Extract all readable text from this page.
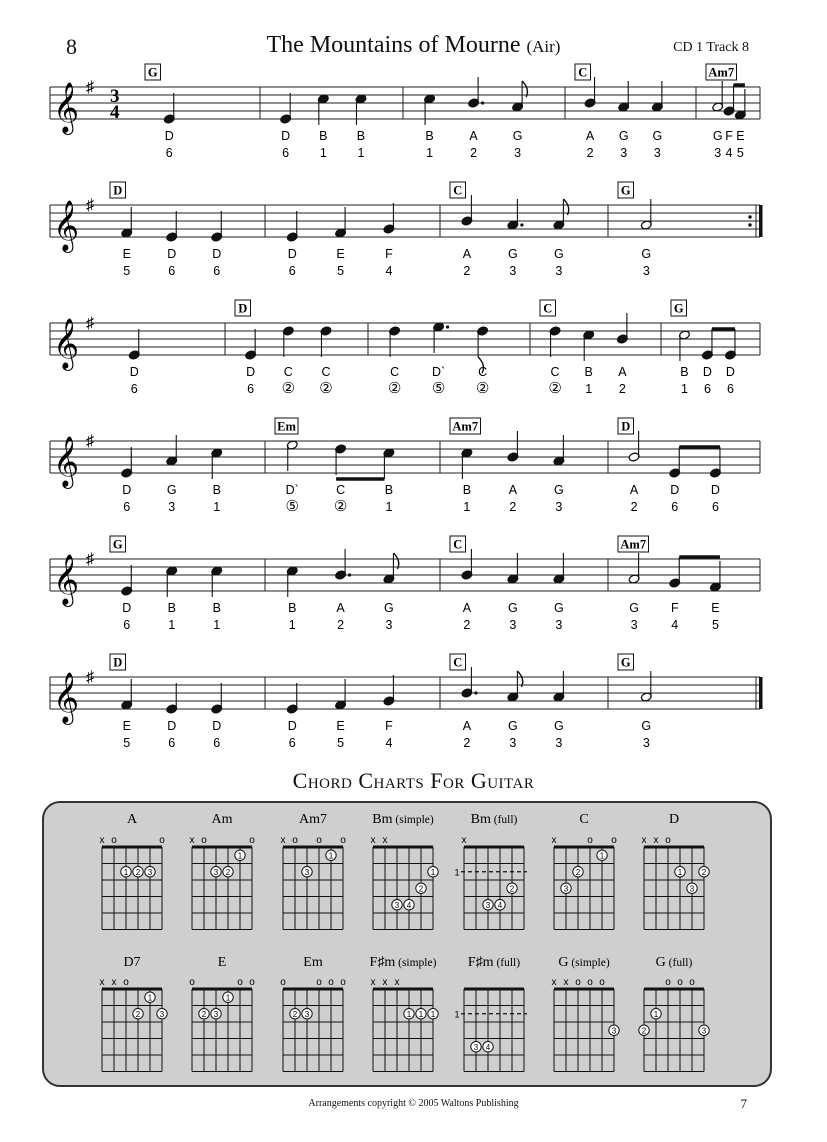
8	The Mountains of Mourne (Air)	CD 1 Track 8
𝄞 ♯ 3
4
G
D
6
D
6
B
1
B
1
B
1
A
2
G
3
C
A
2
G
3
G
3
Am7
G
3
F
4
E
5
𝄞 ♯
D
E
5
D
6
D
6
D
6
E
5
F
4
C
A
2
G
3
G
3
G
G
3
𝄞 ♯
D
6
D
D
6
C
②
C
②
C
②
D`
⑤
C
②
C
C
②
B
1
A
2
G
B
1
D
6
D
6
𝄞 ♯
D
6
G
3
B
1
Em
D`
⑤
C
②
B
1
Am7
B
1
A
2
G
3
D
A
2
D
6
D
6
𝄞 ♯
G
D
6
B
1
B
1
B
1
A
2
G
3
C
A
2
G
3
G
3
Am7
G
3
F
4
E
5
𝄞 ♯
D
E
5
D
6
D
6
D
6
E
5
F
4
C
A
2
G
3
G
3
G
G
3
Chord Charts For Guitar
A
x o	o
1 2 3
Am
x o	o
1
3 2
Am7
x o o o
1
3
Bm (simple)
x x
1
2
3 4
Bm (full)
x
1
2
3 4
C
x	o o
1
2
3
D
x x o
1 2
3
D7
x x o
1
2 3
E
o	o o
1
2 3
Em
o	o o o
2 3
F♯m (simple)
x x x
1 1 1
F♯m (full)
1
3 4
G (simple)
x x o o o
3
G (full)
o o o
1
2	3
Arrangements copyright © 2005 Waltons Publishing	7
